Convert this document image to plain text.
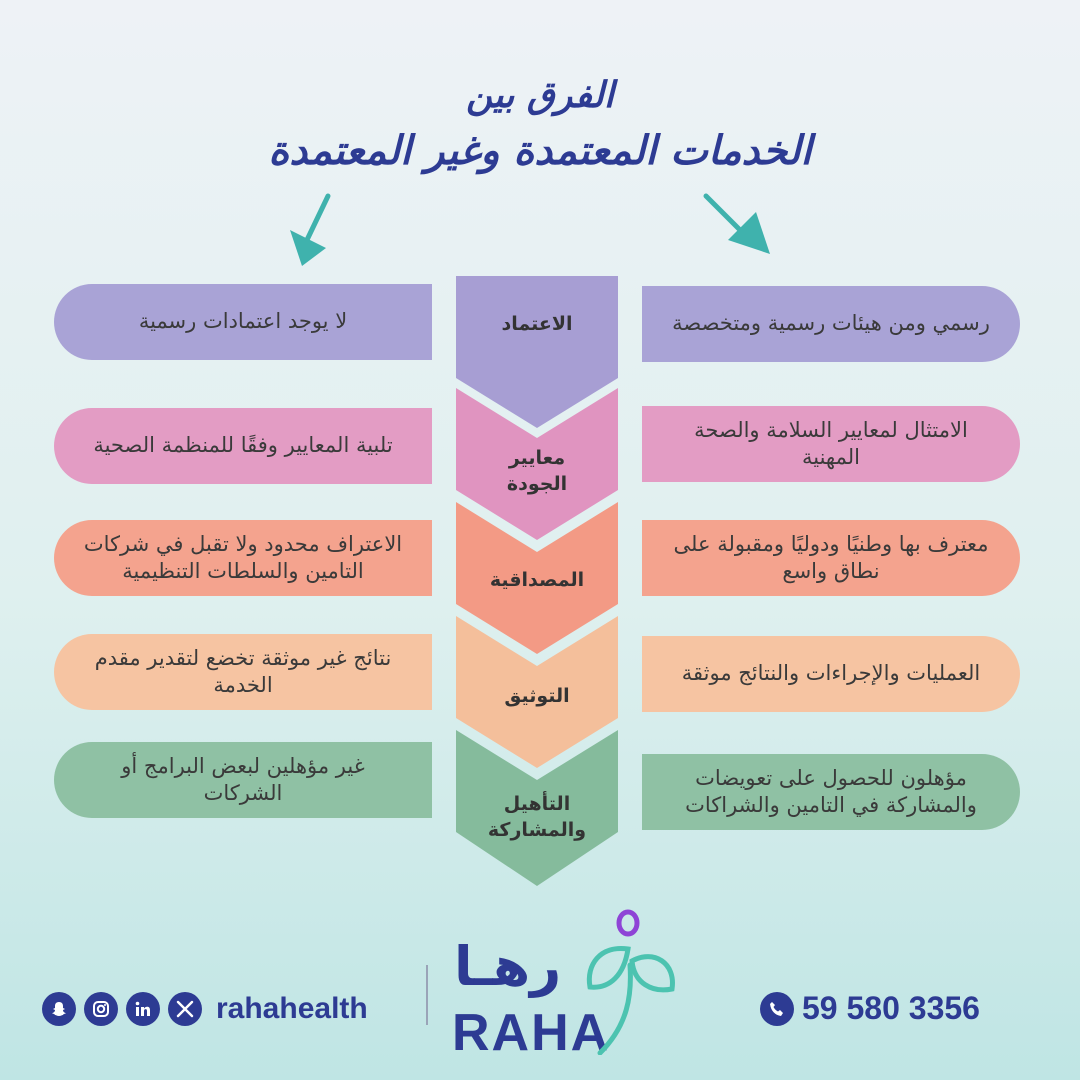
الفرق بين
الخدمات المعتمدة وغير المعتمدة
رسمي ومن هيئات رسمية ومتخصصة
الامتثال لمعايير السلامة والصحة المهنية
معترف بها وطنيًا ودوليًا ومقبولة على نطاق واسع
العمليات والإجراءات والنتائج موثقة
مؤهلون للحصول على تعويضات والمشاركة في التامين والشراكات
لا يوجد اعتمادات رسمية
تلبية المعايير وفقًا للمنظمة الصحية
الاعتراف محدود ولا تقبل في شركات التامين والسلطات التنظيمية
نتائج غير موثقة تخضع لتقدير مقدم الخدمة
غير مؤهلين لبعض البرامج أو الشركات
الاعتماد
معايير الجودة
المصداقية
التوثيق
التأهيل والمشاركة
rahahealth
رهـا
RAHA	59 580 3356
